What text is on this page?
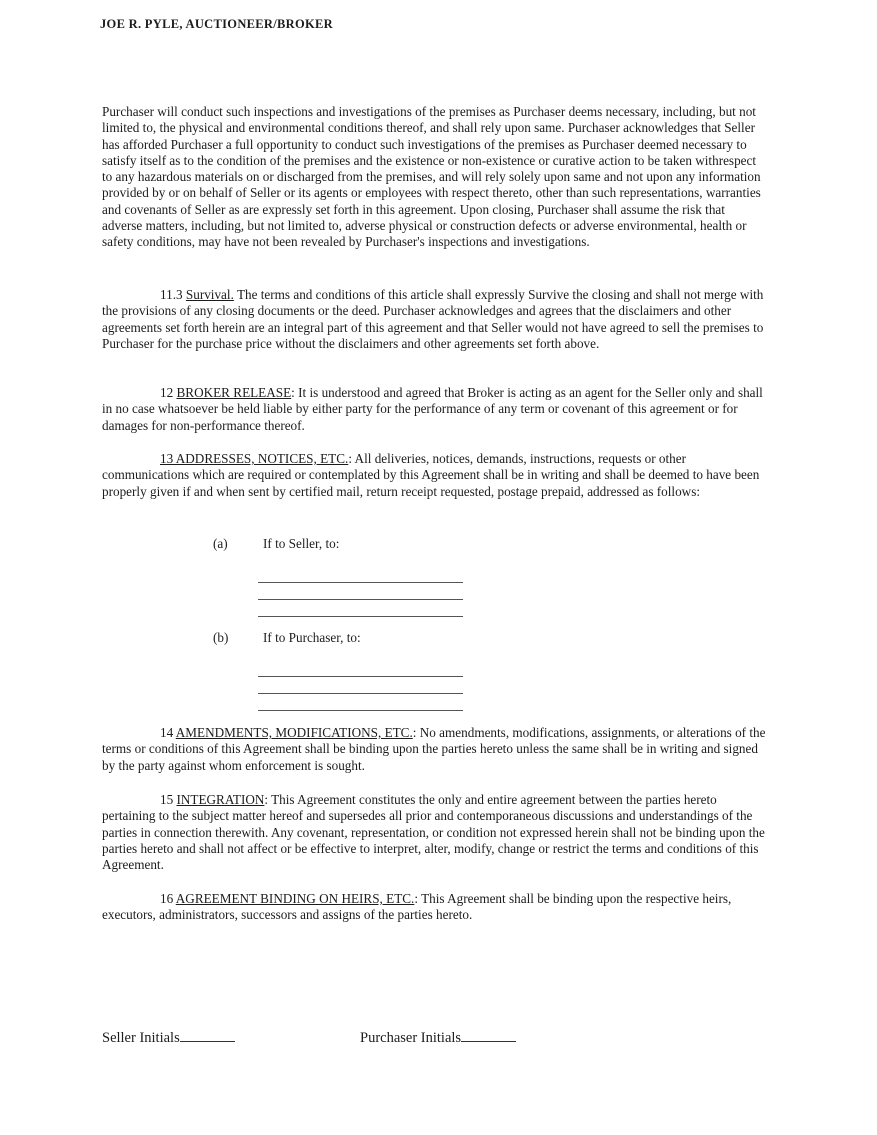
JOE R. PYLE, AUCTIONEER/BROKER

Purchaser will conduct such inspections and investigations of the premises as Purchaser deems necessary, including, but not limited to, the physical and environmental conditions thereof, and shall rely upon same. Purchaser acknowledges that Seller has afforded Purchaser a full opportunity to conduct such investigations of the premises as Purchaser deemed necessary to satisfy itself as to the condition of the premises and the existence or non-existence or curative action to be taken withrespect to any hazardous materials on or discharged from the premises, and will rely solely upon same and not upon any information provided by or on behalf of Seller or its agents or employees with respect thereto, other than such representations, warranties and covenants of Seller as are expressly set forth in this agreement. Upon closing, Purchaser shall assume the risk that adverse matters, including, but not limited to, adverse physical or construction defects or adverse environmental, health or safety conditions, may have not been revealed by Purchaser's inspections and investigations.

11.3 Survival. The terms and conditions of this article shall expressly Survive the closing and shall not merge with the provisions of any closing documents or the deed. Purchaser acknowledges and agrees that the disclaimers and other agreements set forth herein are an integral part of this agreement and that Seller would not have agreed to sell the premises to Purchaser for the purchase price without the disclaimers and other agreements set forth above.

12 BROKER RELEASE: It is understood and agreed that Broker is acting as an agent for the Seller only and shall in no case whatsoever be held liable by either party for the performance of any term or covenant of this agreement or for damages for non-performance thereof.

13 ADDRESSES, NOTICES, ETC.: All deliveries, notices, demands, instructions, requests or other communications which are required or contemplated by this Agreement shall be in writing and shall be deemed to have been properly given if and when sent by certified mail, return receipt requested, postage prepaid, addressed as follows:

(a)	If to Seller, to:
(b)	If to Purchaser, to:

14 AMENDMENTS, MODIFICATIONS, ETC.: No amendments, modifications, assignments, or alterations of the terms or conditions of this Agreement shall be binding upon the parties hereto unless the same shall be in writing and signed by the party against whom enforcement is sought.

15 INTEGRATION: This Agreement constitutes the only and entire agreement between the parties hereto pertaining to the subject matter hereof and supersedes all prior and contemporaneous discussions and understandings of the parties in connection therewith. Any covenant, representation, or condition not expressed herein shall not be binding upon the parties hereto and shall not affect or be effective to interpret, alter, modify, change or restrict the terms and conditions of this Agreement.

16 AGREEMENT BINDING ON HEIRS, ETC.: This Agreement shall be binding upon the respective heirs, executors, administrators, successors and assigns of the parties hereto.

Seller Initials	Purchaser Initials
